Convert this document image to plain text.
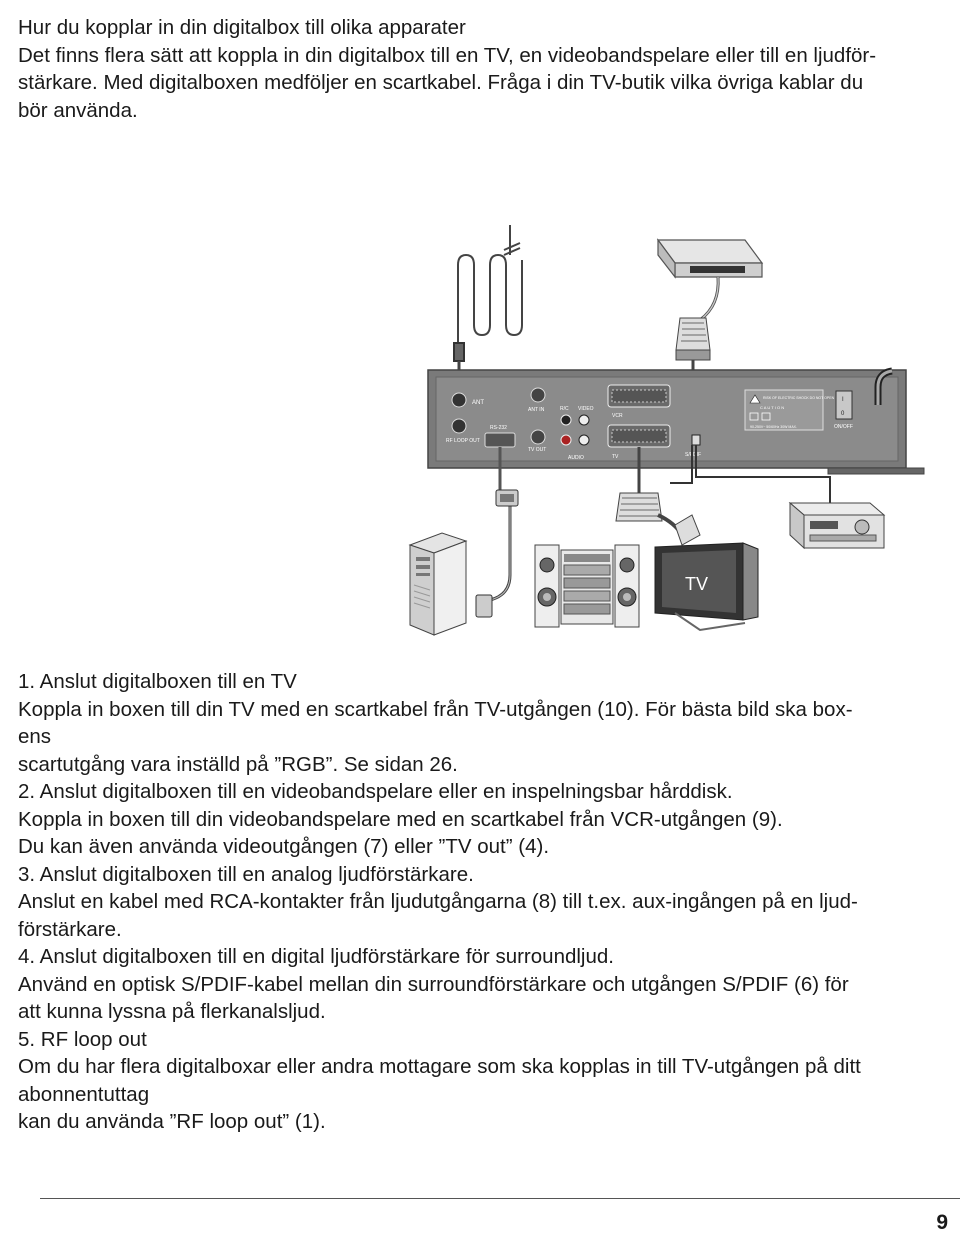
Hur du kopplar in din digitalbox till olika apparater
Det finns flera sätt att koppla in din digitalbox till en TV, en videobandspelare eller till en ljudför-
stärkare. Med digitalboxen medföljer en scartkabel. Fråga i din TV-butik vilka övriga kablar du
bör använda.
ANT
RF LOOP OUT
RS-232
ANT IN
TV OUT
R/C VIDEO
AUDIO
VCR
TV	S/PDIF
RISK OF ELECTRIC SHOCK DO NOT OPEN
C A U T I O N
90-250V~ 50/60Hz 30W MAX.
I
0
ON/OFF
TV
1. Anslut digitalboxen till en TV
Koppla in boxen till din TV med en scartkabel från TV-utgången (10). För bästa bild ska box-
ens
scartutgång vara inställd på ”RGB”. Se sidan 26.
2. Anslut digitalboxen till en videobandspelare eller en inspelningsbar hårddisk.
Koppla in boxen till din videobandspelare med en scartkabel från VCR-utgången (9).
Du kan även använda videoutgången (7) eller ”TV out” (4).
3. Anslut digitalboxen till en analog ljudförstärkare.
Anslut en kabel med RCA-kontakter från ljudutgångarna (8) till t.ex. aux-ingången på en ljud-
förstärkare.
4. Anslut digitalboxen till en digital ljudförstärkare för surroundljud.
Använd en optisk S/PDIF-kabel mellan din surroundförstärkare och utgången S/PDIF (6) för
att kunna lyssna på flerkanalsljud.
5. RF loop out
Om du har flera digitalboxar eller andra mottagare som ska kopplas in till TV-utgången på ditt
abonnentuttag
kan du använda ”RF loop out” (1).
9
